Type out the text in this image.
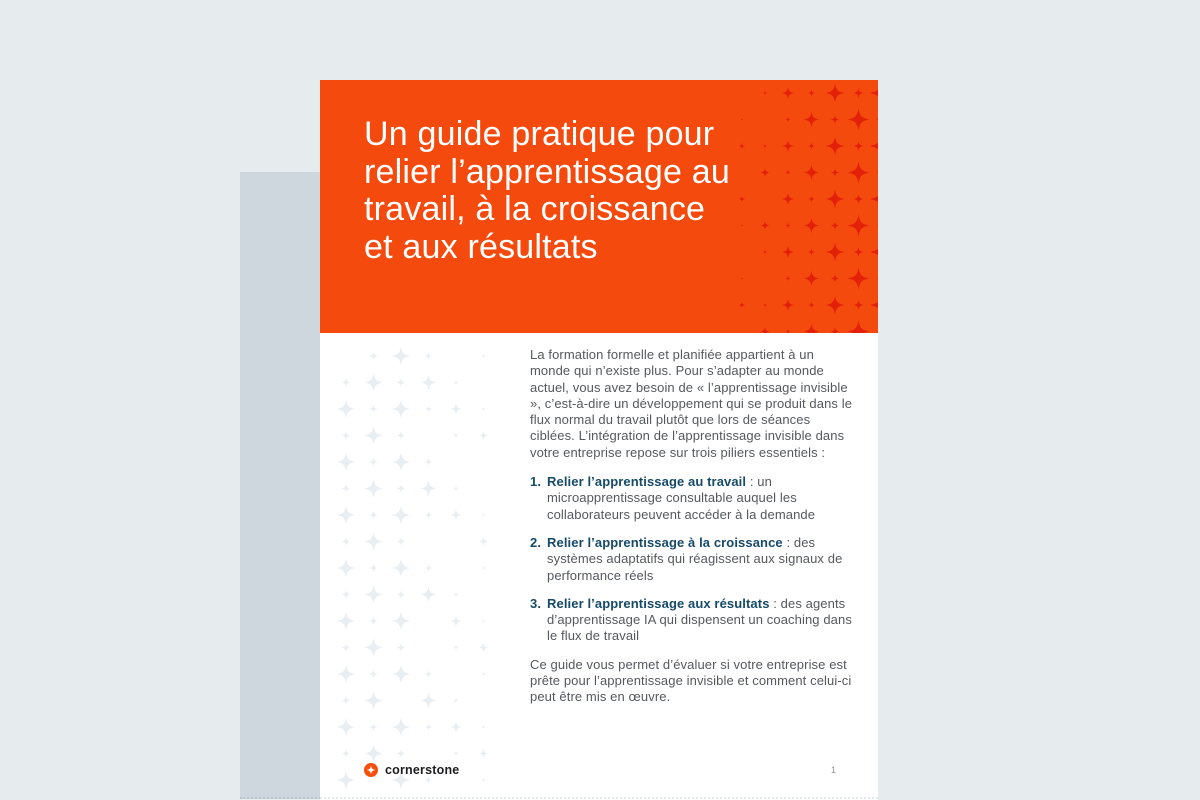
Un guide pratique pour
relier l’apprentissage au
travail, à la croissance
et aux résultats

La formation formelle et planifiée appartient à un monde qui n’existe plus. Pour s’adapter au monde actuel, vous avez besoin de « l’apprentissage invisible », c’est-à-dire un développement qui se produit dans le flux normal du travail plutôt que lors de séances ciblées. L’intégration de l’apprentissage invisible dans votre entreprise repose sur trois piliers essentiels :

1. Relier l’apprentissage au travail : un microapprentissage consultable auquel les collaborateurs peuvent accéder à la demande
2. Relier l’apprentissage à la croissance : des systèmes adaptatifs qui réagissent aux signaux de performance réels
3. Relier l’apprentissage aux résultats : des agents d’apprentissage IA qui dispensent un coaching dans le flux de travail

Ce guide vous permet d’évaluer si votre entreprise est prête pour l’apprentissage invisible et comment celui-ci peut être mis en œuvre.

cornerstone	1
